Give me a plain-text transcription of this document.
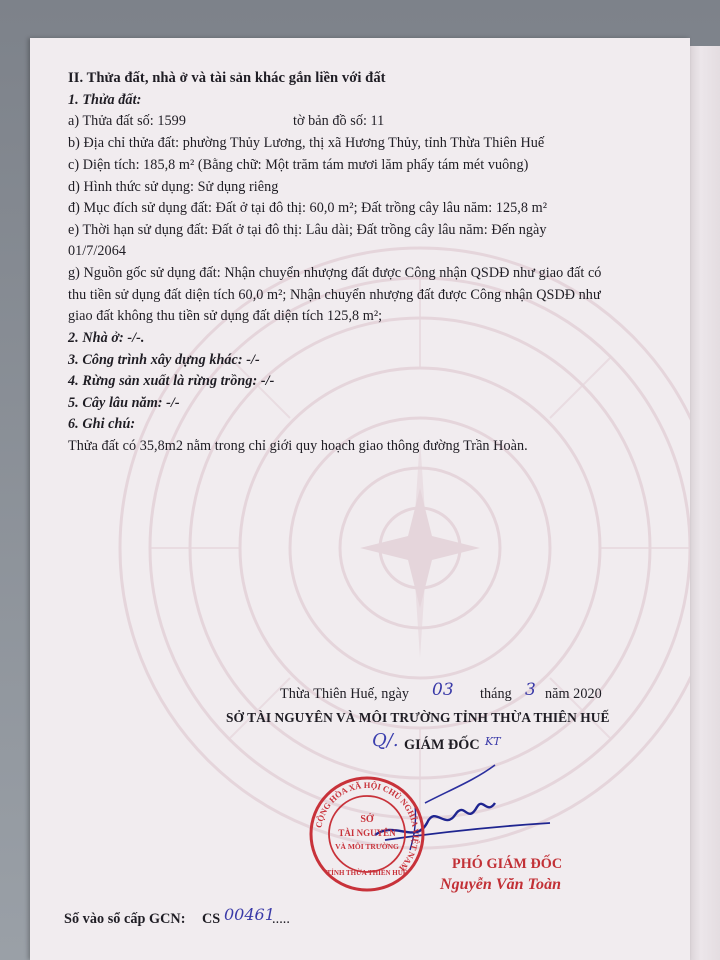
II. Thửa đất, nhà ở và tài sản khác gắn liền với đất
1. Thửa đất:
a) Thửa đất số: 1599	tờ bản đồ số: 11
b) Địa chỉ thửa đất: phường Thủy Lương, thị xã Hương Thủy, tỉnh Thừa Thiên Huế
c) Diện tích: 185,8 m² (Bằng chữ: Một trăm tám mươi lăm phẩy tám mét vuông)
d) Hình thức sử dụng: Sử dụng riêng
đ) Mục đích sử dụng đất: Đất ở tại đô thị: 60,0 m²; Đất trồng cây lâu năm: 125,8 m²
e) Thời hạn sử dụng đất: Đất ở tại đô thị: Lâu dài; Đất trồng cây lâu năm: Đến ngày
01/7/2064
g) Nguồn gốc sử dụng đất: Nhận chuyển nhượng đất được Công nhận QSDĐ như giao đất có
thu tiền sử dụng đất diện tích 60,0 m²; Nhận chuyển nhượng đất được Công nhận QSDĐ như
giao đất không thu tiền sử dụng đất diện tích 125,8 m²;
2. Nhà ở: -/-.
3. Công trình xây dựng khác: -/-
4. Rừng sản xuất là rừng trồng: -/-
5. Cây lâu năm: -/-
6. Ghi chú:
Thửa đất có 35,8m2 nằm trong chỉ giới quy hoạch giao thông đường Trần Hoàn.
Thừa Thiên Huế, ngày 03 tháng 3 năm 2020
SỞ TÀI NGUYÊN VÀ MÔI TRƯỜNG TỈNH THỪA THIÊN HUẾ
Q/. GIÁM ĐỐC KT
CỘNG HÒA XÃ HỘI CHỦ NGHĨA VIỆT NAM
SỞ
TÀI NGUYÊN
VÀ MÔI TRƯỜNG
TỈNH THỪA THIÊN HUẾ
PHÓ GIÁM ĐỐC
Nguyễn Văn Toàn
Số vào sổ cấp GCN: CS 00461
.....
